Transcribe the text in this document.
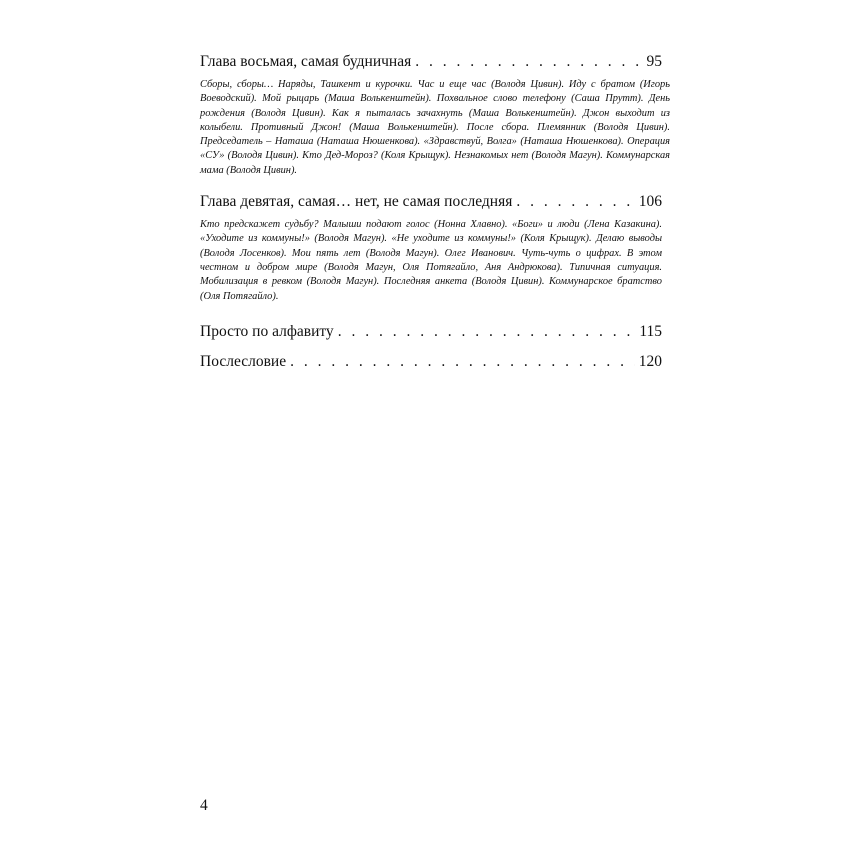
Глава восьмая, самая будничная . . .	95

Сборы, сборы… Наряды, Ташкент и курочки. Час и еще час (Володя Цивин). Иду с братом (Игорь Воеводский). Мой рыцарь (Маша Волькенштейн). Похвальное слово телефону (Саша Прутт). День рождения (Володя Цивин). Как я пыталась зачахнуть (Маша Волькенштейн). Джон выходит из колыбели. Противный Джон! (Маша Волькенштейн). После сбора. Племянник (Володя Цивин). Председатель – Наташа (Наташа Нюшенкова). «Здравствуй, Волга» (Наташа Нюшенкова). Операция «СУ» (Володя Цивин). Кто Дед-Мороз? (Коля Крыщук). Незнакомых нет (Володя Магун). Коммунарская мама (Володя Цивин).

Глава девятая, самая… нет, не самая последняя . . .	106

Кто предскажет судьбу? Малыши подают голос (Нонна Хлавно). «Боги» и люди (Лена Казакина). «Уходите из коммуны!» (Володя Магун). «Не уходите из коммуны!» (Коля Крыщук). Делаю выводы (Володя Лосенков). Мои пять лет (Володя Магун). Олег Иванович. Чуть-чуть о цифрах. В этом честном и добром мире (Володя Магун, Оля Потягайло, Аня Андрюкова). Типичная ситуация. Мобилизация в ревком (Володя Магун). Последняя анкета (Володя Цивин). Коммунарское братство (Оля Потягайло).

Просто по алфавиту . . .	115
Послесловие . . .	120
4
